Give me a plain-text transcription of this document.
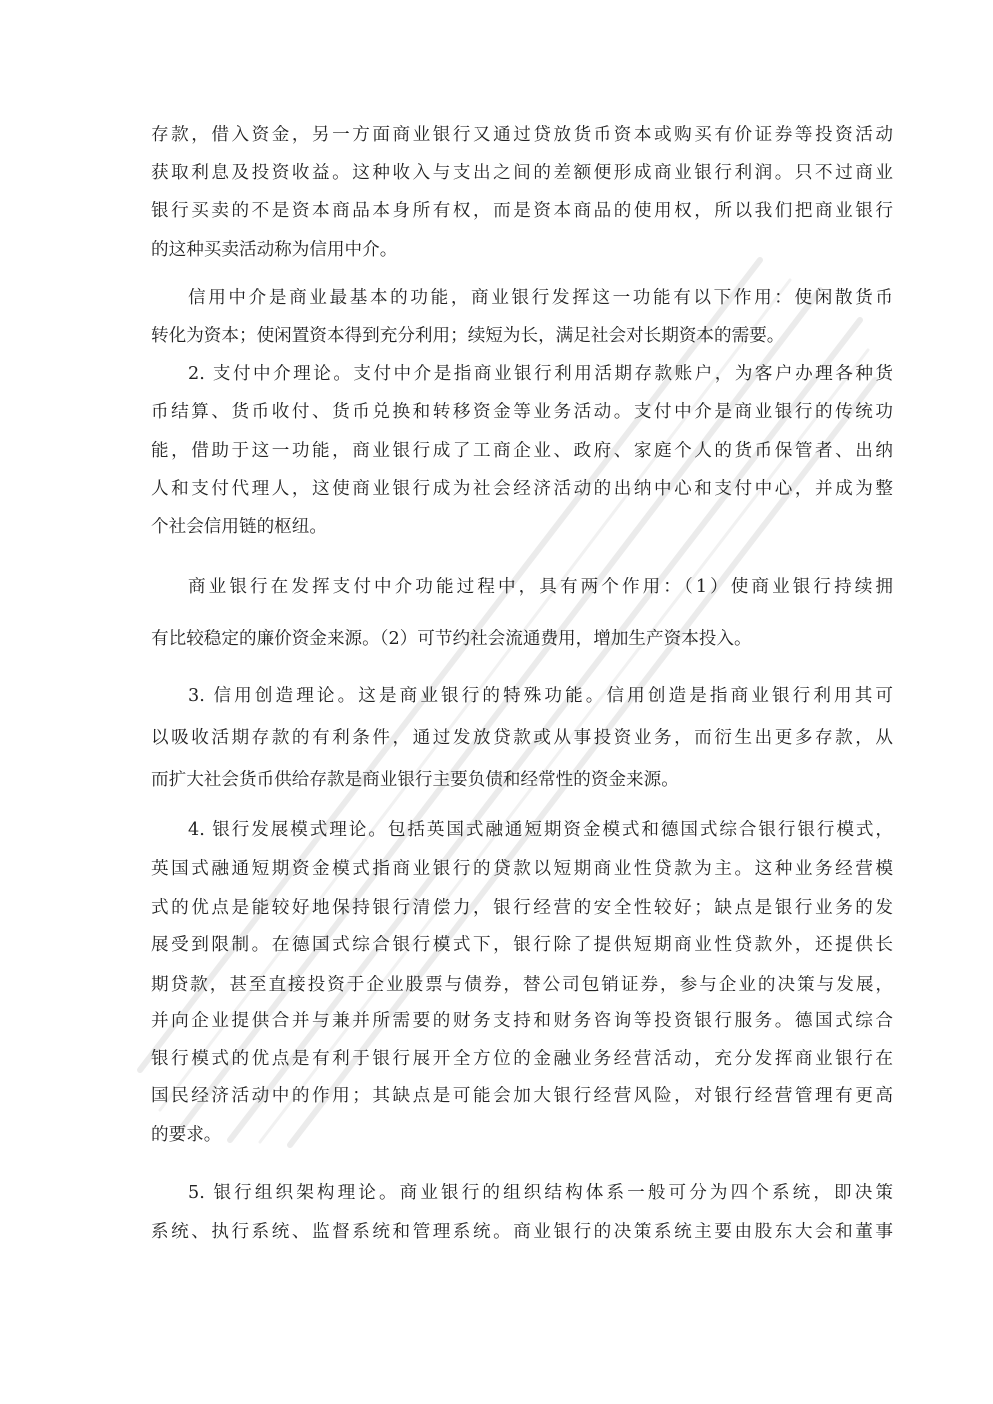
存款，借入资金，另一方面商业银行又通过贷放货币资本或购买有价证券等投资活动
获取利息及投资收益。这种收入与支出之间的差额便形成商业银行利润。只不过商业
银行买卖的不是资本商品本身所有权，而是资本商品的使用权，所以我们把商业银行
的这种买卖活动称为信用中介。
信用中介是商业最基本的功能，商业银行发挥这一功能有以下作用：使闲散货币
转化为资本；使闲置资本得到充分利用；续短为长，满足社会对长期资本的需要。
2. 支付中介理论。支付中介是指商业银行利用活期存款账户，为客户办理各种货
币结算、货币收付、货币兑换和转移资金等业务活动。支付中介是商业银行的传统功
能，借助于这一功能，商业银行成了工商企业、政府、家庭个人的货币保管者、出纳
人和支付代理人，这使商业银行成为社会经济活动的出纳中心和支付中心，并成为整
个社会信用链的枢纽。
商业银行在发挥支付中介功能过程中，具有两个作用：（1）使商业银行持续拥
有比较稳定的廉价资金来源。（2）可节约社会流通费用，增加生产资本投入。
3. 信用创造理论。这是商业银行的特殊功能。信用创造是指商业银行利用其可
以吸收活期存款的有利条件，通过发放贷款或从事投资业务，而衍生出更多存款，从
而扩大社会货币供给存款是商业银行主要负债和经常性的资金来源。
4. 银行发展模式理论。包括英国式融通短期资金模式和德国式综合银行银行模式，
英国式融通短期资金模式指商业银行的贷款以短期商业性贷款为主。这种业务经营模
式的优点是能较好地保持银行清偿力，银行经营的安全性较好；缺点是银行业务的发
展受到限制。在德国式综合银行模式下，银行除了提供短期商业性贷款外，还提供长
期贷款，甚至直接投资于企业股票与债券，替公司包销证券，参与企业的决策与发展，
并向企业提供合并与兼并所需要的财务支持和财务咨询等投资银行服务。德国式综合
银行模式的优点是有利于银行展开全方位的金融业务经营活动，充分发挥商业银行在
国民经济活动中的作用；其缺点是可能会加大银行经营风险，对银行经营管理有更高
的要求。
5. 银行组织架构理论。商业银行的组织结构体系一般可分为四个系统，即决策
系统、执行系统、监督系统和管理系统。商业银行的决策系统主要由股东大会和董事
